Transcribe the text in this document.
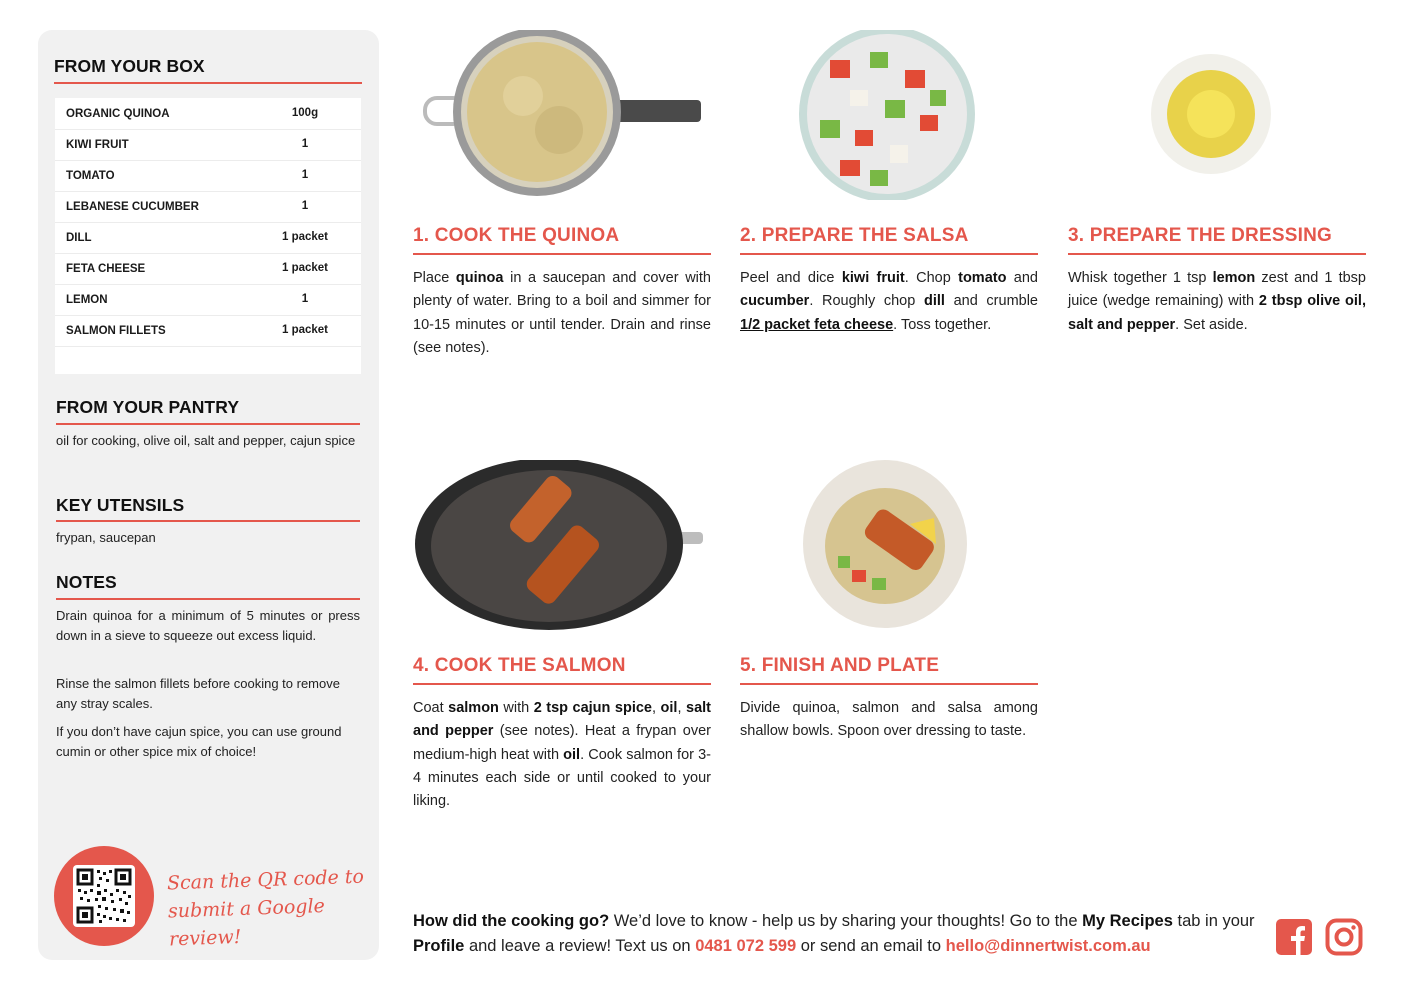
FROM YOUR BOX
ORGANIC QUINOA	100g
KIWI FRUIT	1
TOMATO	1
LEBANESE CUCUMBER	1
DILL	1 packet
FETA CHEESE	1 packet
LEMON	1
SALMON FILLETS	1 packet
FROM YOUR PANTRY
oil for cooking, olive oil, salt and pepper, cajun spice
KEY UTENSILS
frypan, saucepan
NOTES
Drain quinoa for a minimum of 5 minutes or press down in a sieve to squeeze out excess liquid.
Rinse the salmon fillets before cooking to remove any stray scales.
If you don’t have cajun spice, you can use ground cumin or other spice mix of choice!
Scan the QR code to
submit a Google review!
1. COOK THE QUINOA
Place quinoa in a saucepan and cover with plenty of water. Bring to a boil and simmer for 10-15 minutes or until tender. Drain and rinse (see notes).
2. PREPARE THE SALSA
Peel and dice kiwi fruit. Chop tomato and cucumber. Roughly chop dill and crumble 1/2 packet feta cheese. Toss together.
3. PREPARE THE DRESSING
Whisk together 1 tsp lemon zest and 1 tbsp juice (wedge remaining) with 2 tbsp olive oil, salt and pepper. Set aside.
4. COOK THE SALMON
Coat salmon with 2 tsp cajun spice, oil, salt and pepper (see notes). Heat a frypan over medium-high heat with oil. Cook salmon for 3-4 minutes each side or until cooked to your liking.
5. FINISH AND PLATE
Divide quinoa, salmon and salsa among shallow bowls. Spoon over dressing to taste.
How did the cooking go? We’d love to know - help us by sharing your thoughts! Go to the My Recipes tab in your Profile and leave a review! Text us on 0481 072 599 or send an email to hello@dinnertwist.com.au
